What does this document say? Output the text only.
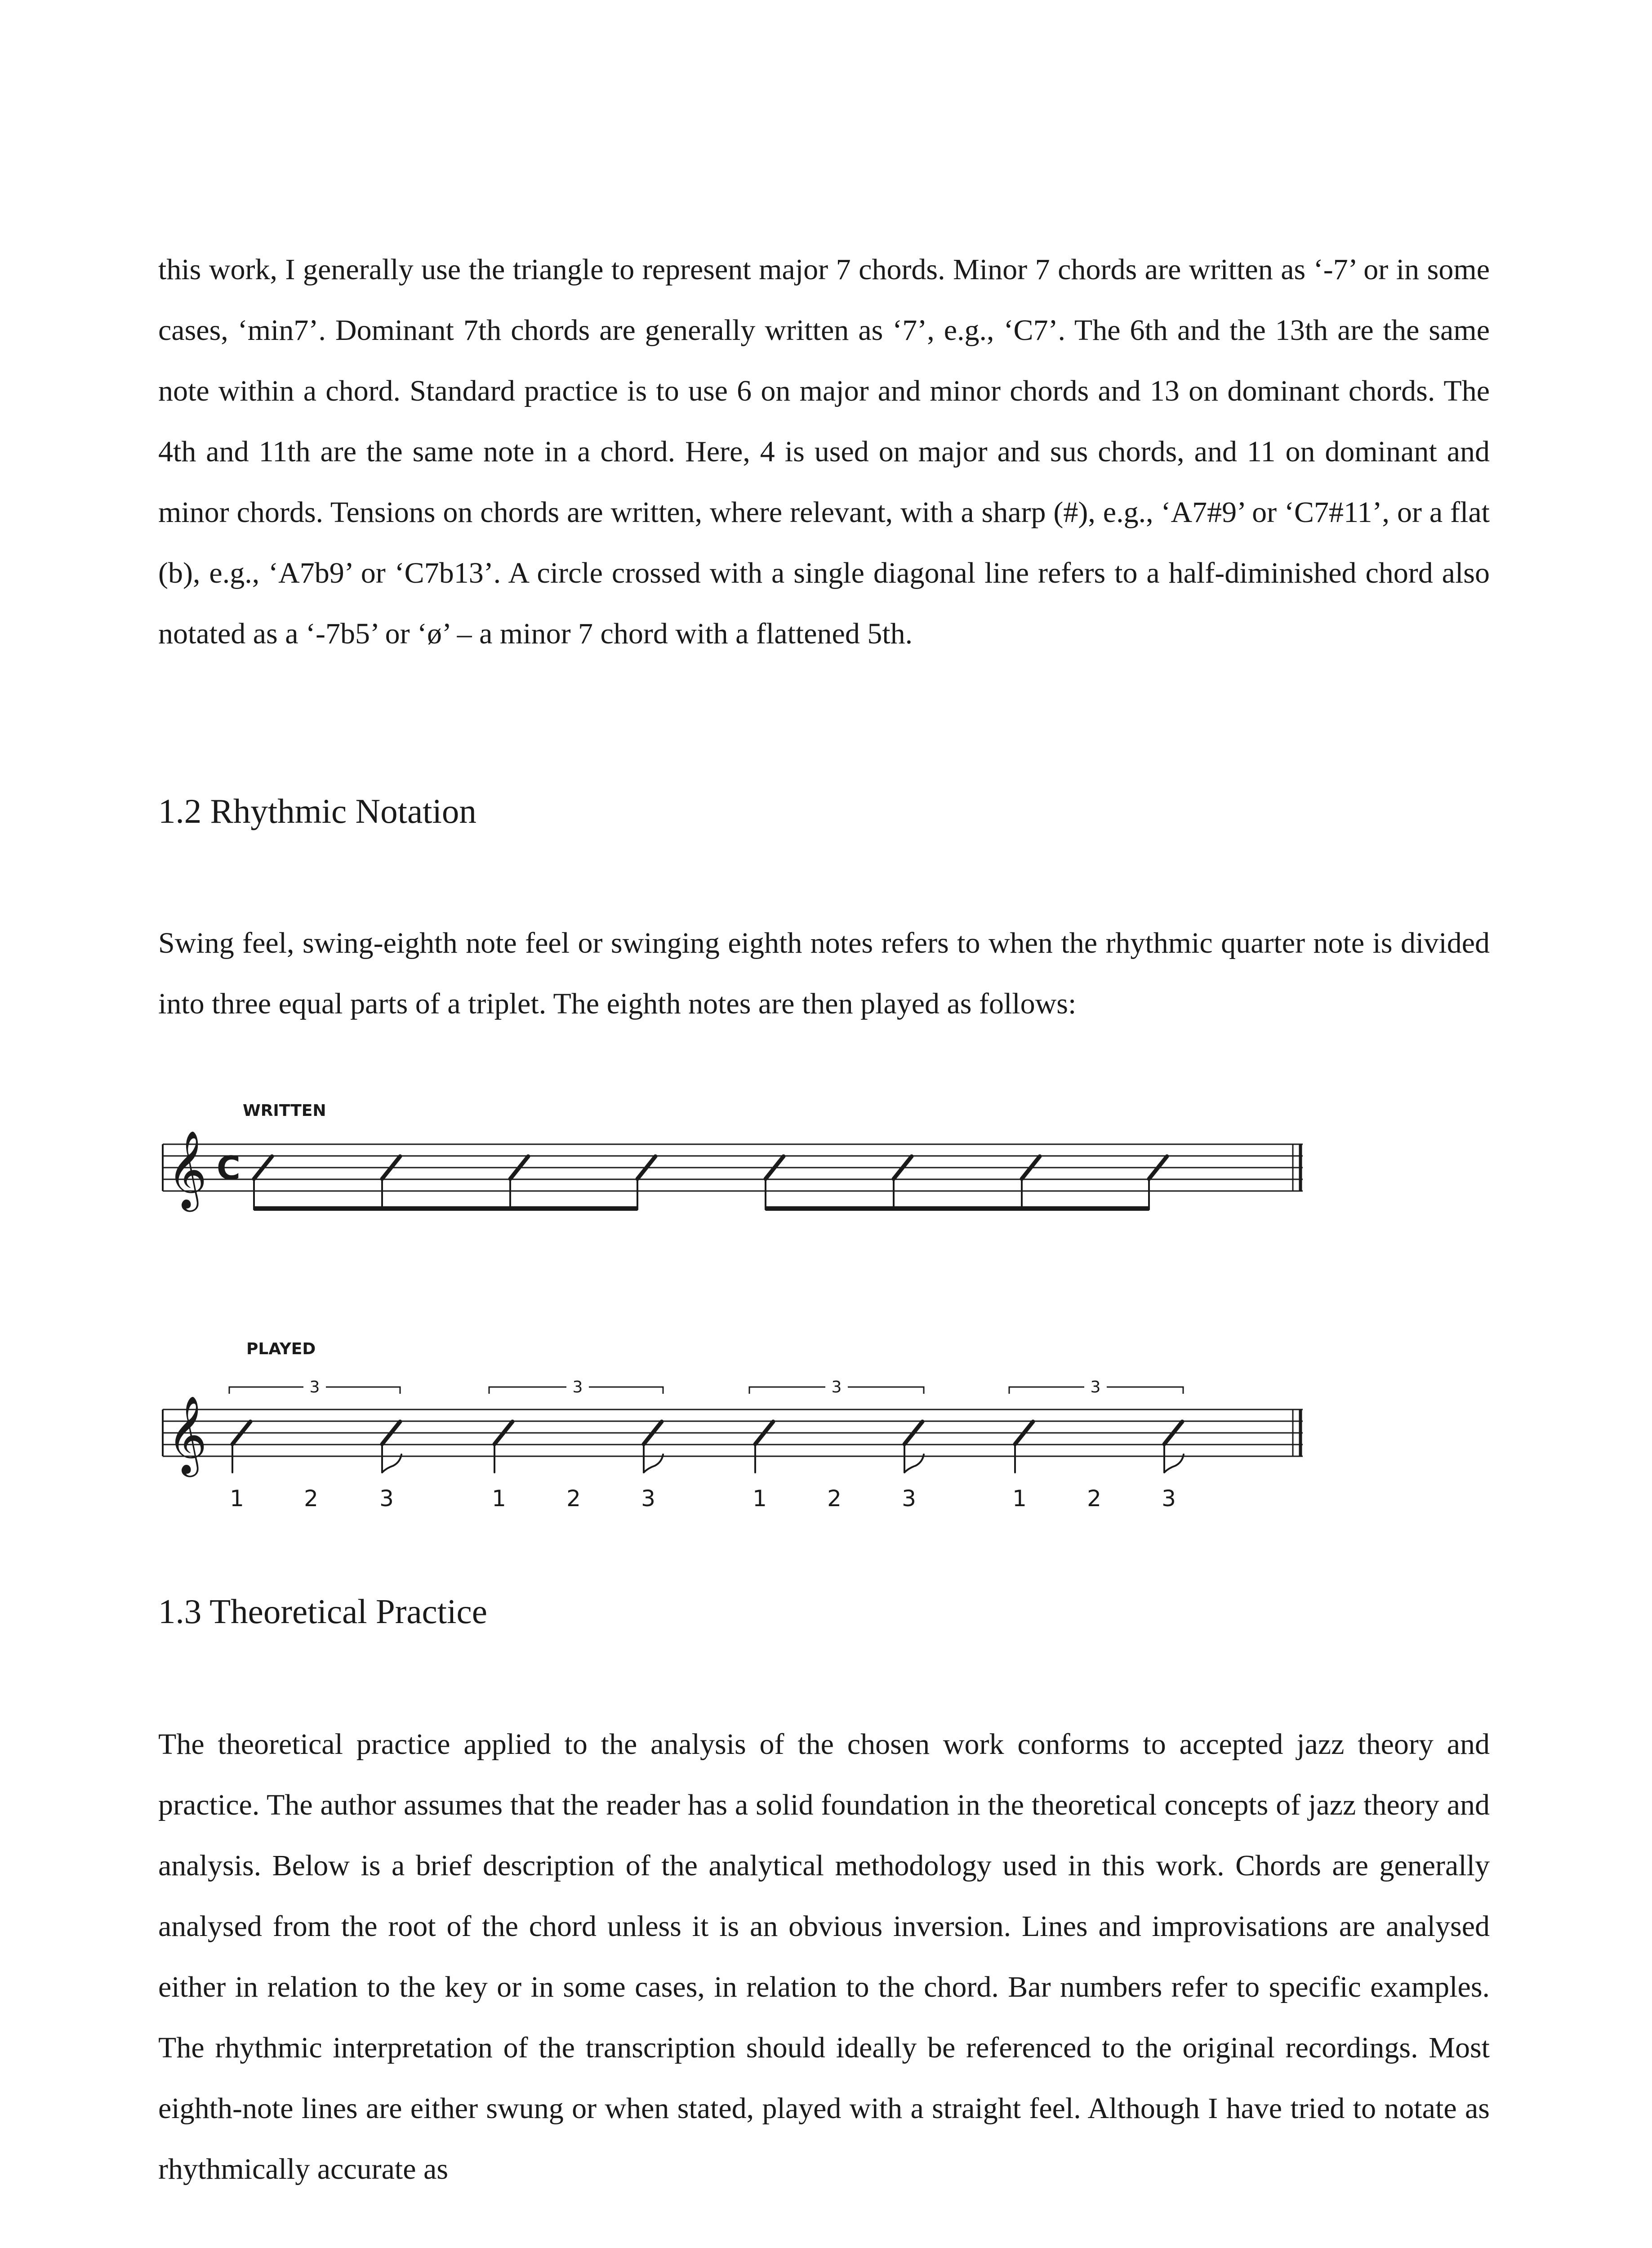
this work, I generally use the triangle to represent major 7 chords. Minor 7 chords are written as ‘-7’ or in some cases, ‘min7’. Dominant 7th chords are generally written as ‘7’, e.g., ‘C7’. The 6th and the 13th are the same note within a chord. Standard practice is to use 6 on major and minor chords and 13 on dominant chords. The 4th and 11th are the same note in a chord. Here, 4 is used on major and sus chords, and 11 on dominant and minor chords. Tensions on chords are written, where relevant, with a sharp (#), e.g., ‘A7#9’ or ‘C7#11’, or a flat (b), e.g., ‘A7b9’ or ‘C7b13’. A circle crossed with a single diagonal line refers to a half-diminished chord also notated as a ‘-7b5’ or ‘ø’ – a minor 7 chord with a flattened 5th.

1.2 Rhythmic Notation

Swing feel, swing-eighth note feel or swinging eighth notes refers to when the rhythmic quarter note is divided into three equal parts of a triplet. The eighth notes are then played as follows:

WRITTEN
𝄞 C
PLAYED
3	3	3	3
𝄞
1	2	3	1	2	3	1	2	3	1	2	3
1.3 Theoretical Practice

The theoretical practice applied to the analysis of the chosen work conforms to accepted jazz theory and practice. The author assumes that the reader has a solid foundation in the theoretical concepts of jazz theory and analysis. Below is a brief description of the analytical methodology used in this work. Chords are generally analysed from the root of the chord unless it is an obvious inversion. Lines and improvisations are analysed either in relation to the key or in some cases, in relation to the chord. Bar numbers refer to specific examples. The rhythmic interpretation of the transcription should ideally be referenced to the original recordings. Most eighth-note lines are either swung or when stated, played with a straight feel. Although I have tried to notate as rhythmically accurate as
